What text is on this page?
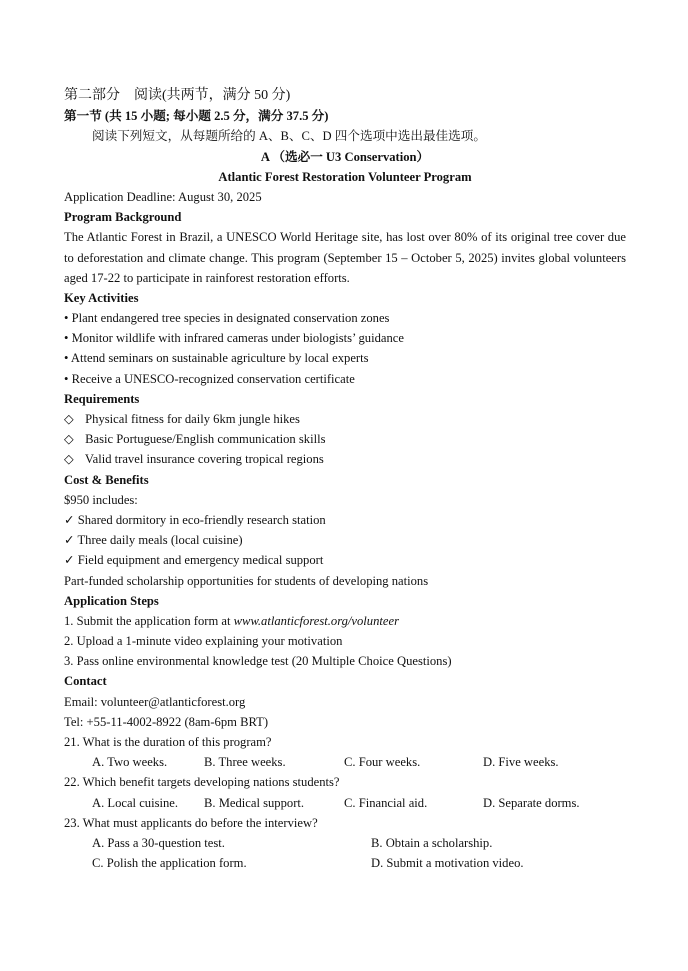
第二部分　阅读(共两节，满分 50 分)
第一节 (共 15 小题; 每小题 2.5 分，满分 37.5 分)
阅读下列短文，从每题所给的 A、B、C、D 四个选项中选出最佳选项。
A （选必一 U3 Conservation）
Atlantic Forest Restoration Volunteer Program
Application Deadline: August 30, 2025
Program Background
The Atlantic Forest in Brazil, a UNESCO World Heritage site, has lost over 80% of its original tree cover due to deforestation and climate change. This program (September 15 – October 5, 2025) invites global volunteers aged 17-22 to participate in rainforest restoration efforts.
Key Activities
• Plant endangered tree species in designated conservation zones
• Monitor wildlife with infrared cameras under biologists’ guidance
• Attend seminars on sustainable agriculture by local experts
• Receive a UNESCO-recognized conservation certificate
Requirements
◇ Physical fitness for daily 6km jungle hikes
◇ Basic Portuguese/English communication skills
◇ Valid travel insurance covering tropical regions
Cost & Benefits
$950 includes:
✓ Shared dormitory in eco-friendly research station
✓ Three daily meals (local cuisine)
✓ Field equipment and emergency medical support
Part-funded scholarship opportunities for students of developing nations
Application Steps
1. Submit the application form at www.atlanticforest.org/volunteer
2. Upload a 1-minute video explaining your motivation
3. Pass online environmental knowledge test (20 Multiple Choice Questions)
Contact
Email: volunteer@atlanticforest.org
Tel: +55-11-4002-8922 (8am-6pm BRT)
21. What is the duration of this program?
A. Two weeks.	B. Three weeks.	C. Four weeks.	D. Five weeks.
22. Which benefit targets developing nations students?
A. Local cuisine. B. Medical support.	C. Financial aid.	D. Separate dorms.
23. What must applicants do before the interview?
A. Pass a 30-question test.	B. Obtain a scholarship.
C. Polish the application form.	D. Submit a motivation video.
